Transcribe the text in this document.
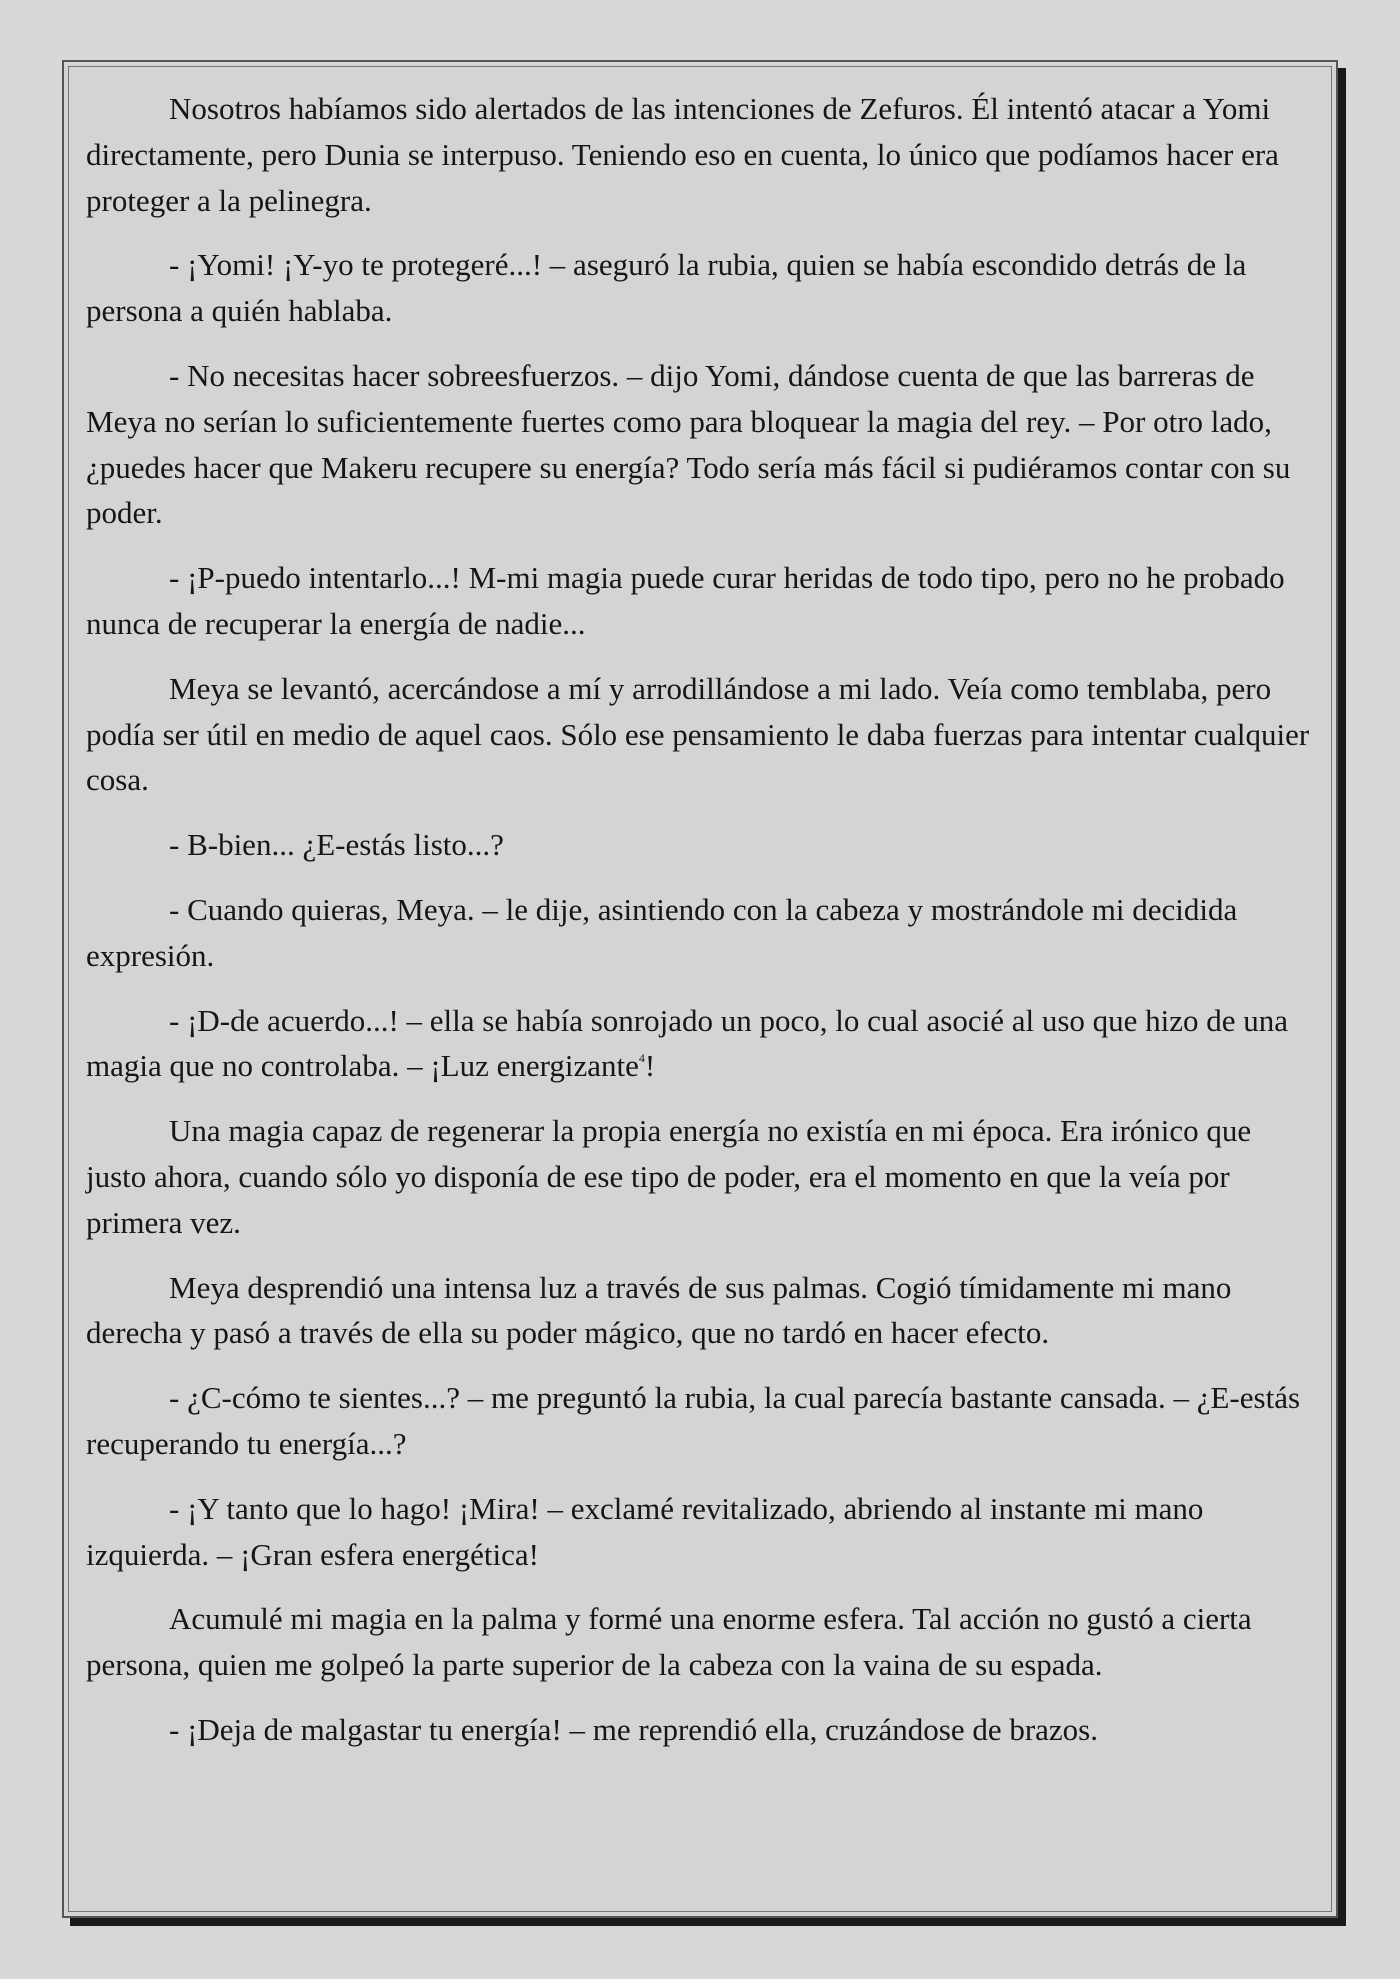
Nosotros habíamos sido alertados de las intenciones de Zefuros. Él intentó atacar a Yomi directamente, pero Dunia se interpuso. Teniendo eso en cuenta, lo único que podíamos hacer era proteger a la pelinegra.

- ¡Yomi! ¡Y-yo te protegeré...! – aseguró la rubia, quien se había escondido detrás de la persona a quién hablaba.

- No necesitas hacer sobreesfuerzos. – dijo Yomi, dándose cuenta de que las barreras de Meya no serían lo suficientemente fuertes como para bloquear la magia del rey. – Por otro lado, ¿puedes hacer que Makeru recupere su energía? Todo sería más fácil si pudiéramos contar con su poder.

- ¡P-puedo intentarlo...! M-mi magia puede curar heridas de todo tipo, pero no he probado nunca de recuperar la energía de nadie...

Meya se levantó, acercándose a mí y arrodillándose a mi lado. Veía como temblaba, pero podía ser útil en medio de aquel caos. Sólo ese pensamiento le daba fuerzas para intentar cualquier cosa.

- B-bien... ¿E-estás listo...?

- Cuando quieras, Meya. – le dije, asintiendo con la cabeza y mostrándole mi decidida expresión.

- ¡D-de acuerdo...! – ella se había sonrojado un poco, lo cual asocié al uso que hizo de una magia que no controlaba. – ¡Luz energizante$^4$!

Una magia capaz de regenerar la propia energía no existía en mi época. Era irónico que justo ahora, cuando sólo yo disponía de ese tipo de poder, era el momento en que la veía por primera vez.

Meya desprendió una intensa luz a través de sus palmas. Cogió tímidamente mi mano derecha y pasó a través de ella su poder mágico, que no tardó en hacer efecto.

- ¿C-cómo te sientes...? – me preguntó la rubia, la cual parecía bastante cansada. – ¿E-estás recuperando tu energía...?

- ¡Y tanto que lo hago! ¡Mira! – exclamé revitalizado, abriendo al instante mi mano izquierda. – ¡Gran esfera energética!

Acumulé mi magia en la palma y formé una enorme esfera. Tal acción no gustó a cierta persona, quien me golpeó la parte superior de la cabeza con la vaina de su espada.

- ¡Deja de malgastar tu energía! – me reprendió ella, cruzándose de brazos.
